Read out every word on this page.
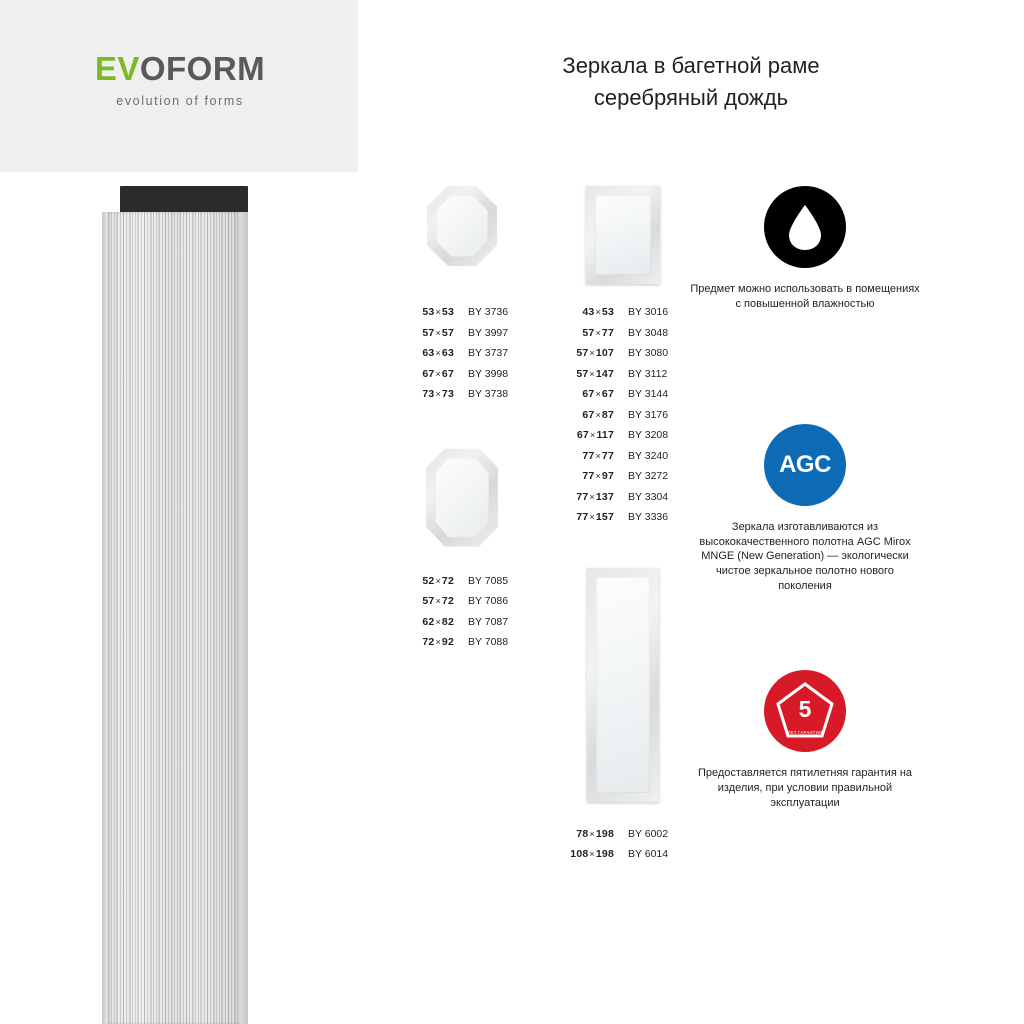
EVOFORM
evolution of forms
Зеркала в багетной раме
серебряный дождь
53×53	BY 3736
57×57	BY 3997
63×63	BY 3737
67×67	BY 3998
73×73	BY 3738
52×72	BY 7085
57×72	BY 7086
62×82	BY 7087
72×92	BY 7088
43×53	BY 3016
57×77	BY 3048
57×107	BY 3080
57×147	BY 3112
67×67	BY 3144
67×87	BY 3176
67×117	BY 3208
77×77	BY 3240
77×97	BY 3272
77×137	BY 3304
77×157	BY 3336
78×198	BY 6002
108×198	BY 6014
Предмет можно использовать в помещениях с повышенной влажностью
AGC
Зеркала изготавливаются из высококачественного полотна AGC Mirox MNGE (New Generation) — экологически чистое зеркальное полотно нового поколения
5
ЛЕТ ГАРАНТИИ
Предоставляется пятилетняя гарантия на изделия, при условии правильной эксплуатации
